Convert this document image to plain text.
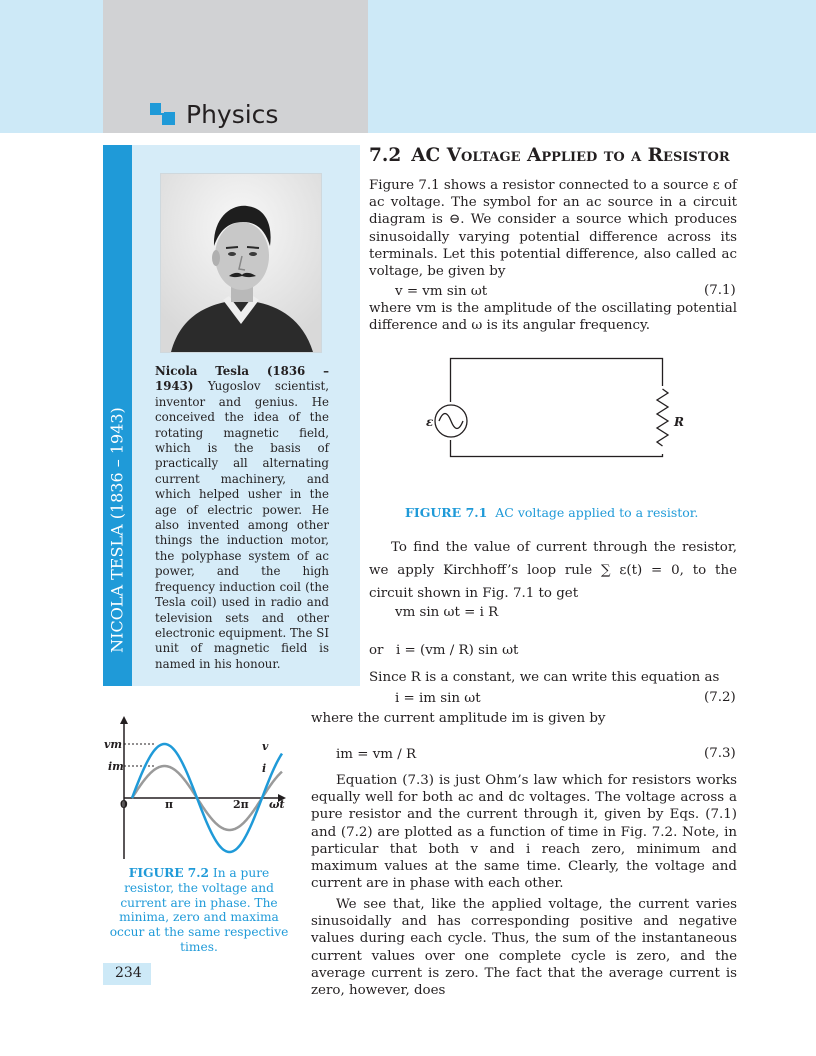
Physics
NICOLA TESLA (1836 – 1943)
Nicola Tesla (1836 – 1943) Yugoslov scientist, inventor and genius. He conceived the idea of the rotating magnetic field, which is the basis of practically all alternating current machinery, and which helped usher in the age of electric power. He also invented among other things the induction motor, the polyphase system of ac power, and the high frequency induction coil (the Tesla coil) used in radio and television sets and other electronic equipment. The SI unit of magnetic field is named in his honour.
7.2 AC Voltage Applied to a Resistor
Figure 7.1 shows a resistor connected to a source ε of ac voltage. The symbol for an ac source in a circuit diagram is ⊖. We consider a source which produces sinusoidally varying potential difference across its terminals. Let this potential difference, also called ac voltage, be given by
v = vm sin ωt	(7.1)
where vm is the amplitude of the oscillating potential difference and ω is its angular frequency.
ε	R
FIGURE 7.1 AC voltage applied to a resistor.
To find the value of current through the resistor, we apply Kirchhoff’s loop rule ∑ ε(t) = 0, to the circuit shown in Fig. 7.1 to get
vm sin ωt = i R
or i = (vm / R) sin ωt
Since R is a constant, we can write this equation as
i = im sin ωt	(7.2)
where the current amplitude im is given by
im = vm / R	(7.3)
Equation (7.3) is just Ohm’s law which for resistors works equally well for both ac and dc voltages. The voltage across a pure resistor and the current through it, given by Eqs. (7.1) and (7.2) are plotted as a function of time in Fig. 7.2. Note, in particular that both v and i reach zero, minimum and maximum values at the same time. Clearly, the voltage and current are in phase with each other.
We see that, like the applied voltage, the current varies sinusoidally and has corresponding positive and negative values during each cycle. Thus, the sum of the instantaneous current values over one complete cycle is zero, and the average current is zero. The fact that the average current is zero, however, does
vm
im
0	π	2π ωt
v
i
FIGURE 7.2 In a pure resistor, the voltage and current are in phase. The minima, zero and maxima occur at the same respective times.
234
